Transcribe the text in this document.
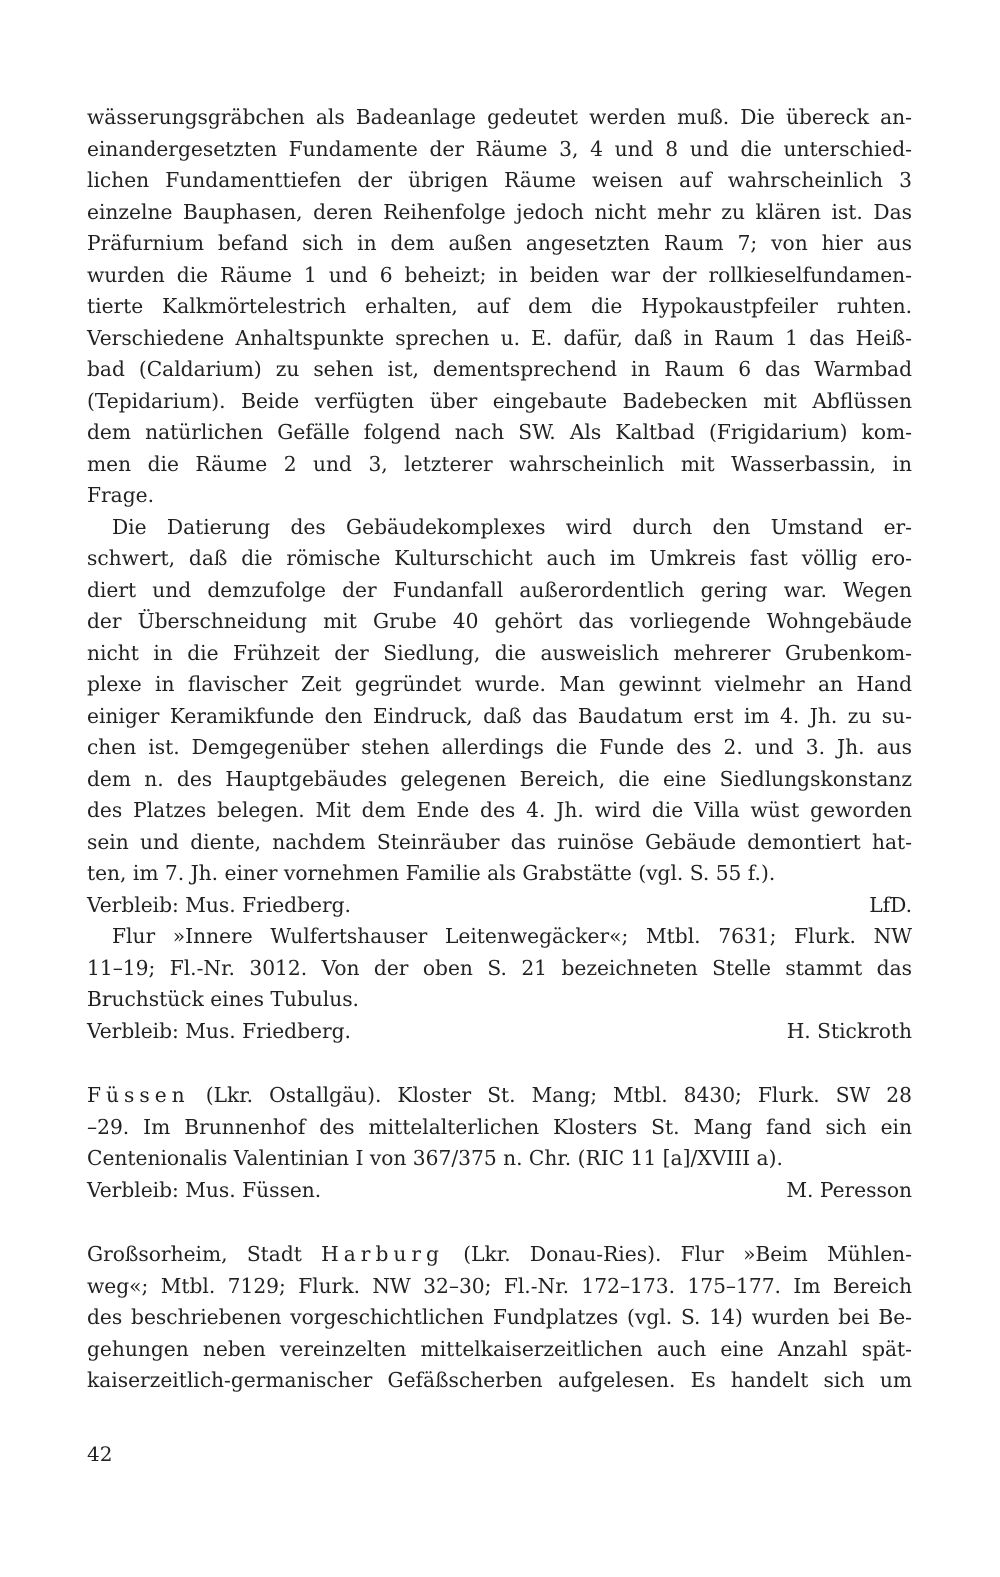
wässerungsgräbchen als Badeanlage gedeutet werden muß. Die übereck an-
einandergesetzten Fundamente der Räume 3, 4 und 8 und die unterschied-
lichen Fundamenttiefen der übrigen Räume weisen auf wahrscheinlich 3
einzelne Bauphasen, deren Reihenfolge jedoch nicht mehr zu klären ist. Das
Präfurnium befand sich in dem außen angesetzten Raum 7; von hier aus
wurden die Räume 1 und 6 beheizt; in beiden war der rollkieselfundamen-
tierte Kalkmörtelestrich erhalten, auf dem die Hypokaustpfeiler ruhten.
Verschiedene Anhaltspunkte sprechen u. E. dafür, daß in Raum 1 das Heiß-
bad (Caldarium) zu sehen ist, dementsprechend in Raum 6 das Warmbad
(Tepidarium). Beide verfügten über eingebaute Badebecken mit Abflüssen
dem natürlichen Gefälle folgend nach SW. Als Kaltbad (Frigidarium) kom-
men die Räume 2 und 3, letzterer wahrscheinlich mit Wasserbassin, in
Frage.
Die Datierung des Gebäudekomplexes wird durch den Umstand er-
schwert, daß die römische Kulturschicht auch im Umkreis fast völlig ero-
diert und demzufolge der Fundanfall außerordentlich gering war. Wegen
der Überschneidung mit Grube 40 gehört das vorliegende Wohngebäude
nicht in die Frühzeit der Siedlung, die ausweislich mehrerer Grubenkom-
plexe in flavischer Zeit gegründet wurde. Man gewinnt vielmehr an Hand
einiger Keramikfunde den Eindruck, daß das Baudatum erst im 4. Jh. zu su-
chen ist. Demgegenüber stehen allerdings die Funde des 2. und 3. Jh. aus
dem n. des Hauptgebäudes gelegenen Bereich, die eine Siedlungskonstanz
des Platzes belegen. Mit dem Ende des 4. Jh. wird die Villa wüst geworden
sein und diente, nachdem Steinräuber das ruinöse Gebäude demontiert hat-
ten, im 7. Jh. einer vornehmen Familie als Grabstätte (vgl. S. 55 f.).
Verbleib: Mus. Friedberg.	LfD.
Flur »Innere Wulfertshauser Leitenwegäcker«; Mtbl. 7631; Flurk. NW
11–19; Fl.-Nr. 3012. Von der oben S. 21 bezeichneten Stelle stammt das
Bruchstück eines Tubulus.
Verbleib: Mus. Friedberg.	H. Stickroth
Füssen (Lkr. Ostallgäu). Kloster St. Mang; Mtbl. 8430; Flurk. SW 28
–29. Im Brunnenhof des mittelalterlichen Klosters St. Mang fand sich ein
Centenionalis Valentinian I von 367/375 n. Chr. (RIC 11 [a]/XVIII a).
Verbleib: Mus. Füssen.	M. Peresson
Großsorheim, Stadt Harburg (Lkr. Donau-Ries). Flur »Beim Mühlen-
weg«; Mtbl. 7129; Flurk. NW 32–30; Fl.-Nr. 172–173. 175–177. Im Bereich
des beschriebenen vorgeschichtlichen Fundplatzes (vgl. S. 14) wurden bei Be-
gehungen neben vereinzelten mittelkaiserzeitlichen auch eine Anzahl spät-
kaiserzeitlich-germanischer Gefäßscherben aufgelesen. Es handelt sich um
42
